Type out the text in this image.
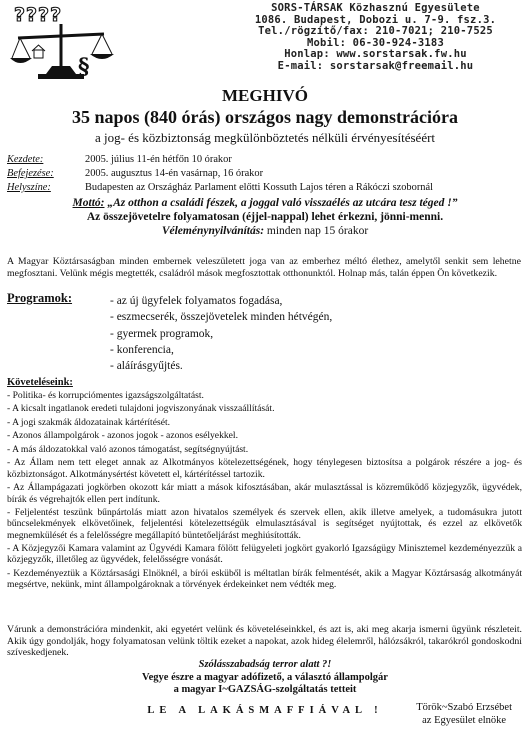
????
§
SORS-TÁRSAK Közhasznú Egyesülete
1086. Budapest, Dobozi u. 7-9. fsz.3.
Tel./rögzítő/fax: 210-7021; 210-7525
Mobil: 06-30-924-3183
Honlap: www.sorstarsak.fw.hu
E-mail: sorstarsak@freemail.hu
MEGHIVÓ
35 napos (840 órás) országos nagy demonstrációra
a jog- és közbiztonság megkülönböztetés nélküli érvényesítéséért
Kezdete:	2005. július 11-én hétfőn 10 órakor
Befejezése:	2005. augusztus 14-én vasárnap, 16 órakor
Helyszíne:	Budapesten az Országház Parlament előtti Kossuth Lajos téren a Rákóczi szobornál
Mottó: „Az otthon a családi fészek, a joggal való visszaélés az utcára tesz téged !”
Az összejövetelre folyamatosan (éjjel-nappal) lehet érkezni, jönni-menni.
Véleménynyilvánítás: minden nap 15 órakor
A Magyar Köztársaságban minden embernek veleszületett joga van az emberhez méltó élethez, amelytől senkit sem lehetne megfosztani. Velünk mégis megtették, családról mások megfosztottak otthonunktól. Holnap más, talán éppen Ön következik.
Programok:	- az új ügyfelek folyamatos fogadása,
- eszmecserék, összejövetelek minden hétvégén,
- gyermek programok,
- konferencia,
- aláírásgyűjtés.
Követeléseink:
- Politika- és korrupciómentes igazságszolgáltatást.
- A kicsalt ingatlanok eredeti tulajdoni jogviszonyának visszaállítását.
- A jogi szakmák áldozatainak kártérítését.
- Azonos állampolgárok - azonos jogok - azonos esélyekkel.
- A más áldozatokkal való azonos támogatást, segítségnyújtást.
- Az Állam nem tett eleget annak az Alkotmányos kötelezettségének, hogy ténylegesen biztosítsa a polgárok részére a jog- és közbiztonságot. Alkotmánysértést követett el, kártérítéssel tartozik.
- Az Állampágazati jogkörben okozott kár miatt a mások kifosztásában, akár mulasztással is közreműködő közjegyzők, ügyvédek, bírák és végrehajtók ellen pert indítunk.
- Feljelentést teszünk bűnpártolás miatt azon hivatalos személyek és szervek ellen, akik illetve amelyek, a tudomásukra jutott bűncselekmények elkövetőinek, feljelentési kötelezettségük elmulasztásával is segítséget nyújtottak, és ezzel az elkövetők megnemkülését és a felelősségre megállapító büntetőeljárást meghiúsították.
- A Közjegyzői Kamara valamint az Ügyvédi Kamara fölött felügyeleti jogkört gyakorló Igazságügy Minisztemel kezdeményezzük a közjegyzők, illetőleg az ügyvédek, felelősségre vonását.
- Kezdeményeztük a Köztársasági Elnöknél, a bírói esküből is méltatlan bírák felmentését, akik a Magyar Köztársaság alkotmányát megsértve, nekünk, mint állampolgároknak a törvények érdekeinket nem védték meg.
Várunk a demonstrációra mindenkit, aki egyetért velünk és követeléseinkkel, és azt is, aki meg akarja ismerni ügyünk részleteit. Akik úgy gondolják, hogy folyamatosan velünk töltik ezeket a napokat, azok hideg élelemről, hálózsákról, takarókról gondoskodni szíveskedjenek.
Szólásszabadság terror alatt ?!
Vegye észre a magyar adófizető, a választó állampolgár
a magyar I~GAZSÁG-szolgáltatás tetteit
LE A LAKÁSMAFFIÁVAL !	Török~Szabó Erzsébet
az Egyesület elnöke
